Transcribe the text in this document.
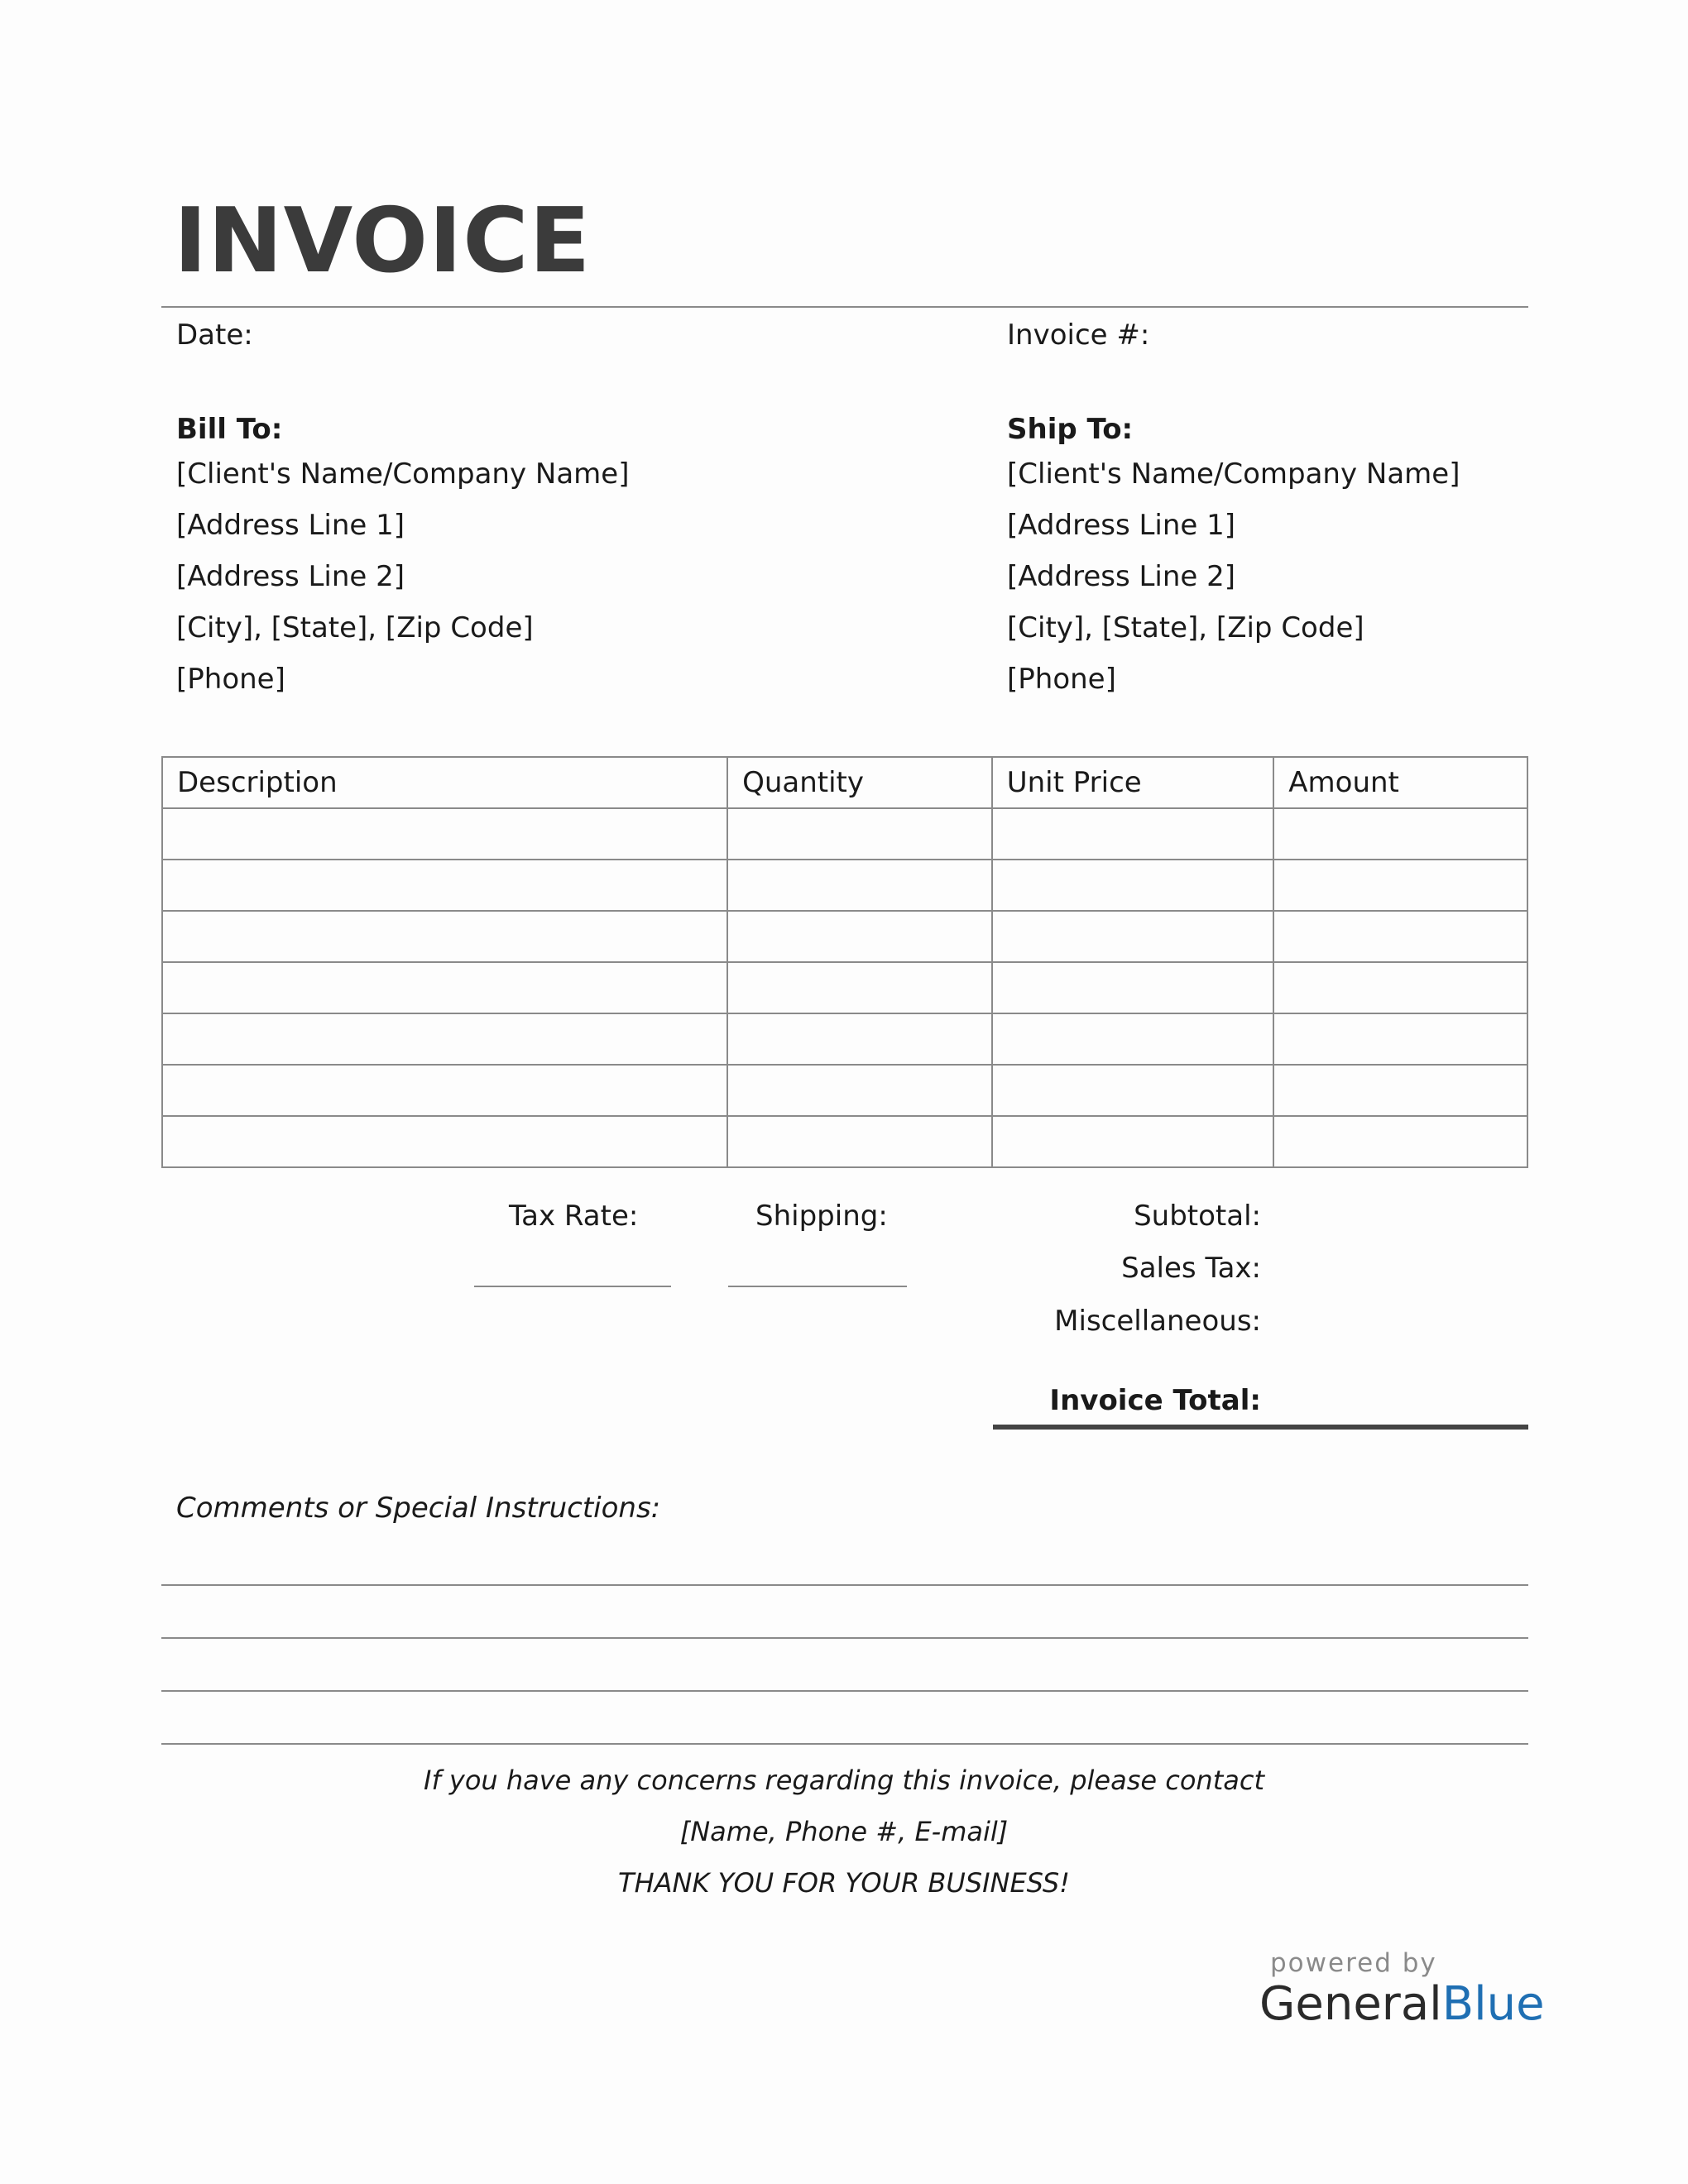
INVOICE
Date:	Invoice #:
Bill To:
[Client's Name/Company Name]
[Address Line 1]
[Address Line 2]
[City], [State], [Zip Code]
[Phone]
Ship To:
[Client's Name/Company Name]
[Address Line 1]
[Address Line 2]
[City], [State], [Zip Code]
[Phone]
Description	Quantity	Unit Price	Amount

Tax Rate:	Shipping:	Subtotal:
Sales Tax:
Miscellaneous:
Invoice Total:
Comments or Special Instructions:
If you have any concerns regarding this invoice, please contact
[Name, Phone #, E-mail]
THANK YOU FOR YOUR BUSINESS!
powered by
GeneralBlue
